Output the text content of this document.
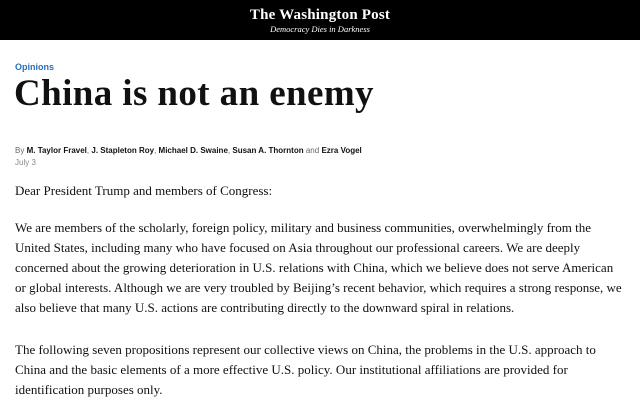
The Washington Post
Democracy Dies in Darkness
Opinions
China is not an enemy
By M. Taylor Fravel, J. Stapleton Roy, Michael D. Swaine, Susan A. Thornton and Ezra Vogel
July 3

Dear President Trump and members of Congress:

We are members of the scholarly, foreign policy, military and business communities, overwhelmingly from the
United States, including many who have focused on Asia throughout our professional careers. We are deeply
concerned about the growing deterioration in U.S. relations with China, which we believe does not serve American
or global interests. Although we are very troubled by Beijing’s recent behavior, which requires a strong response, we
also believe that many U.S. actions are contributing directly to the downward spiral in relations.

The following seven propositions represent our collective views on China, the problems in the U.S. approach to
China and the basic elements of a more effective U.S. policy. Our institutional affiliations are provided for
identification purposes only.
